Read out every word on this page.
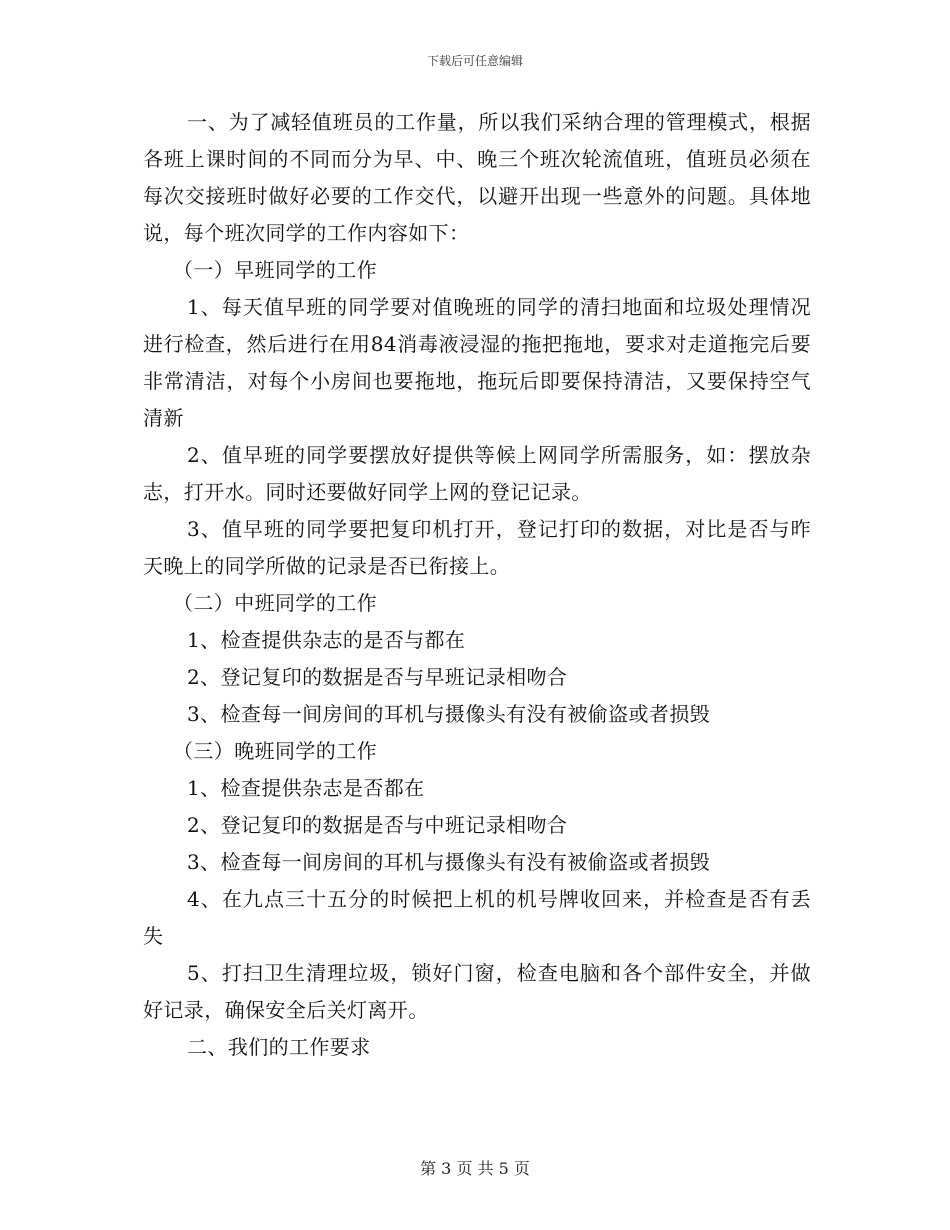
下载后可任意编辑

一、为了减轻值班员的工作量，所以我们采纳合理的管理模式，根据各班上课时间的不同而分为早、中、晚三个班次轮流值班，值班员必须在每次交接班时做好必要的工作交代，以避开出现一些意外的问题。具体地说，每个班次同学的工作内容如下：

（一）早班同学的工作

1、每天值早班的同学要对值晚班的同学的清扫地面和垃圾处理情况进行检查，然后进行在用84消毒液浸湿的拖把拖地，要求对走道拖完后要非常清洁，对每个小房间也要拖地，拖玩后即要保持清洁，又要保持空气清新

2、值早班的同学要摆放好提供等候上网同学所需服务，如：摆放杂志，打开水。同时还要做好同学上网的登记记录。

3、值早班的同学要把复印机打开，登记打印的数据，对比是否与昨天晚上的同学所做的记录是否已衔接上。

（二）中班同学的工作

1、检查提供杂志的是否与都在

2、登记复印的数据是否与早班记录相吻合

3、检查每一间房间的耳机与摄像头有没有被偷盗或者损毁

（三）晚班同学的工作

1、检查提供杂志是否都在

2、登记复印的数据是否与中班记录相吻合

3、检查每一间房间的耳机与摄像头有没有被偷盗或者损毁

4、在九点三十五分的时候把上机的机号牌收回来，并检查是否有丢失

5、打扫卫生清理垃圾，锁好门窗，检查电脑和各个部件安全，并做好记录，确保安全后关灯离开。

二、我们的工作要求

第 3 页 共 5 页
